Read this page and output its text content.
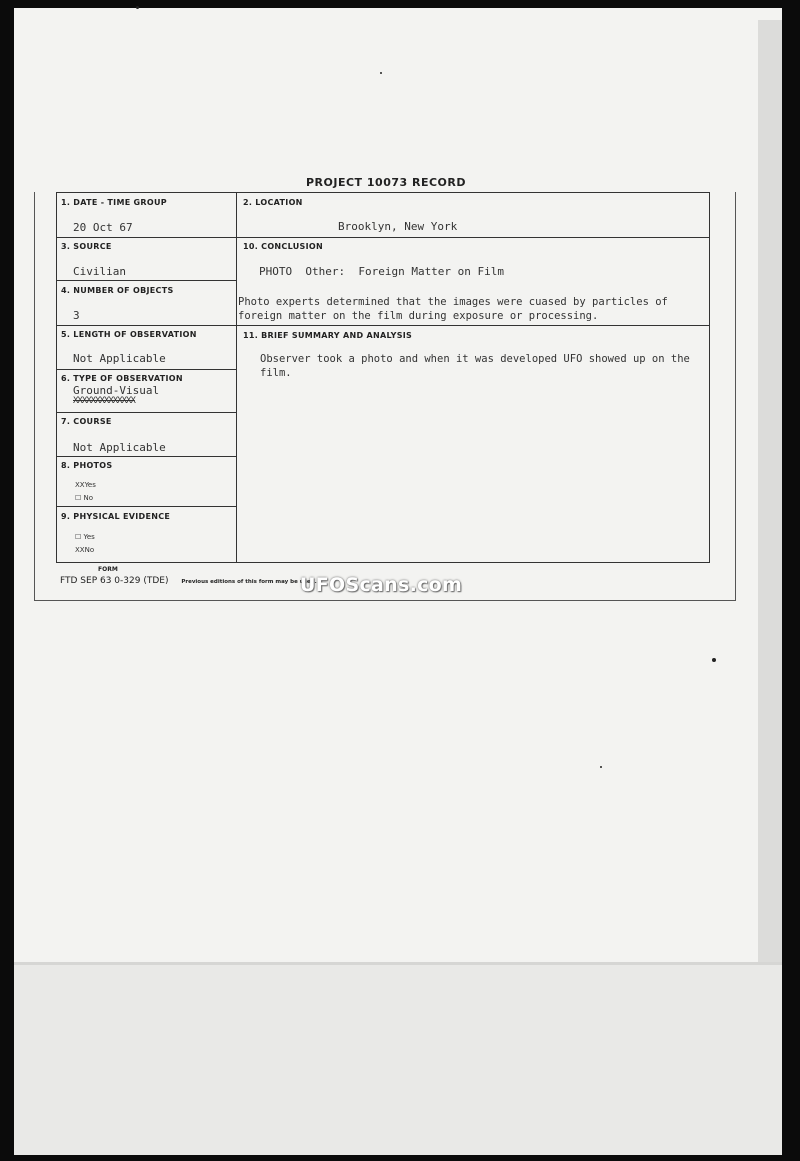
PROJECT 10073 RECORD
1. DATE - TIME GROUP
20 Oct 67
3. SOURCE
Civilian
4. NUMBER OF OBJECTS
3
5. LENGTH OF OBSERVATION
Not Applicable
6. TYPE OF OBSERVATION
Ground-Visual
XXXXXXXXXXXXXX
7. COURSE
Not Applicable
8. PHOTOS
XXYes
☐ No
9. PHYSICAL EVIDENCE
☐ Yes
XXNo
2. LOCATION
Brooklyn, New York
10. CONCLUSION
PHOTO  Other:  Foreign Matter on Film
Photo experts determined that the images were cuased by particles of foreign matter on the film during exposure or processing.
11. BRIEF SUMMARY AND ANALYSIS
Observer took a photo and when it was developed UFO showed up on the film.
FORM
FTD SEP 63 0-329 (TDE) Previous editions of this form may be used.
UFOScans.com
